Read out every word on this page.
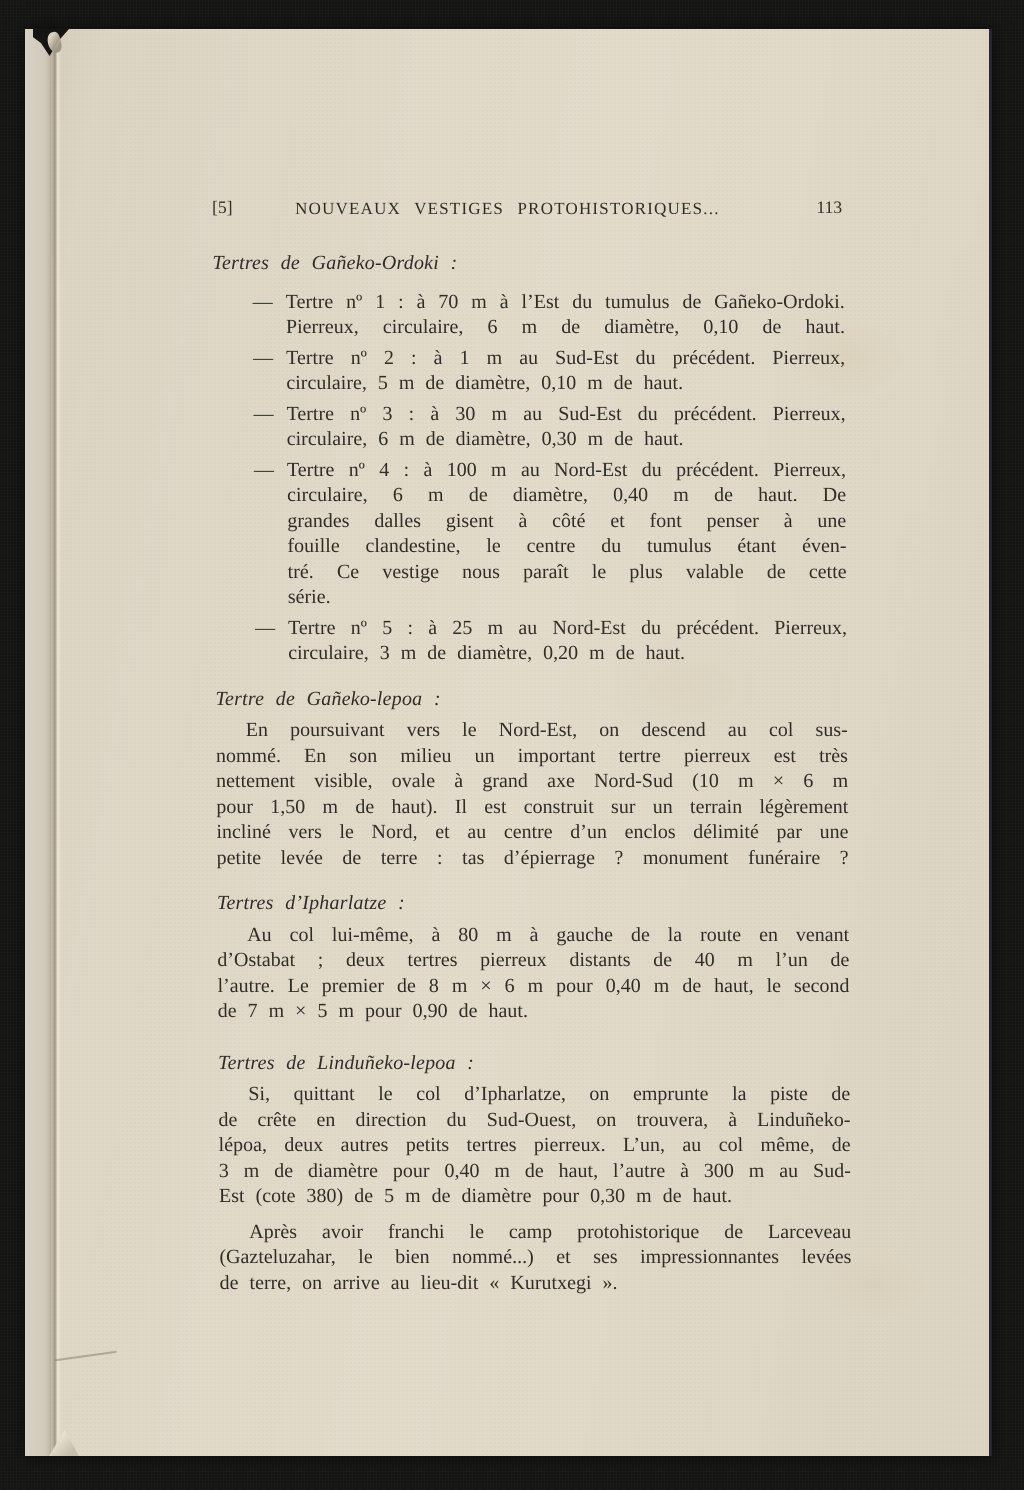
[5]	NOUVEAUX VESTIGES PROTOHISTORIQUES...	113
Tertres de Gañeko-Ordoki :
— Tertre nº 1 : à 70 m à l’Est du tumulus de Gañeko-Ordoki.
Pierreux, circulaire, 6 m de diamètre, 0,10 de haut.
— Tertre nº 2 : à 1 m au Sud-Est du précédent. Pierreux,
circulaire, 5 m de diamètre, 0,10 m de haut.
— Tertre nº 3 : à 30 m au Sud-Est du précédent. Pierreux,
circulaire, 6 m de diamètre, 0,30 m de haut.
— Tertre nº 4 : à 100 m au Nord-Est du précédent. Pierreux,
circulaire, 6 m de diamètre, 0,40 m de haut. De
grandes dalles gisent à côté et font penser à une
fouille clandestine, le centre du tumulus étant éven-
tré. Ce vestige nous paraît le plus valable de cette
série.
— Tertre nº 5 : à 25 m au Nord-Est du précédent. Pierreux,
circulaire, 3 m de diamètre, 0,20 m de haut.
Tertre de Gañeko-lepoa :
En poursuivant vers le Nord-Est, on descend au col sus-
nommé. En son milieu un important tertre pierreux est très
nettement visible, ovale à grand axe Nord-Sud (10 m × 6 m
pour 1,50 m de haut). Il est construit sur un terrain légèrement
incliné vers le Nord, et au centre d’un enclos délimité par une
petite levée de terre : tas d’épierrage ? monument funéraire ?
Tertres d’Ipharlatze :
Au col lui-même, à 80 m à gauche de la route en venant
d’Ostabat ; deux tertres pierreux distants de 40 m l’un de
l’autre. Le premier de 8 m × 6 m pour 0,40 m de haut, le second
de 7 m × 5 m pour 0,90 de haut.
Tertres de Linduñeko-lepoa :
Si, quittant le col d’Ipharlatze, on emprunte la piste de
de crête en direction du Sud-Ouest, on trouvera, à Linduñeko-
lépoa, deux autres petits tertres pierreux. L’un, au col même, de
3 m de diamètre pour 0,40 m de haut, l’autre à 300 m au Sud-
Est (cote 380) de 5 m de diamètre pour 0,30 m de haut.
Après avoir franchi le camp protohistorique de Larceveau
(Gazteluzahar, le bien nommé...) et ses impressionnantes levées
de terre, on arrive au lieu-dit « Kurutxegi ».
